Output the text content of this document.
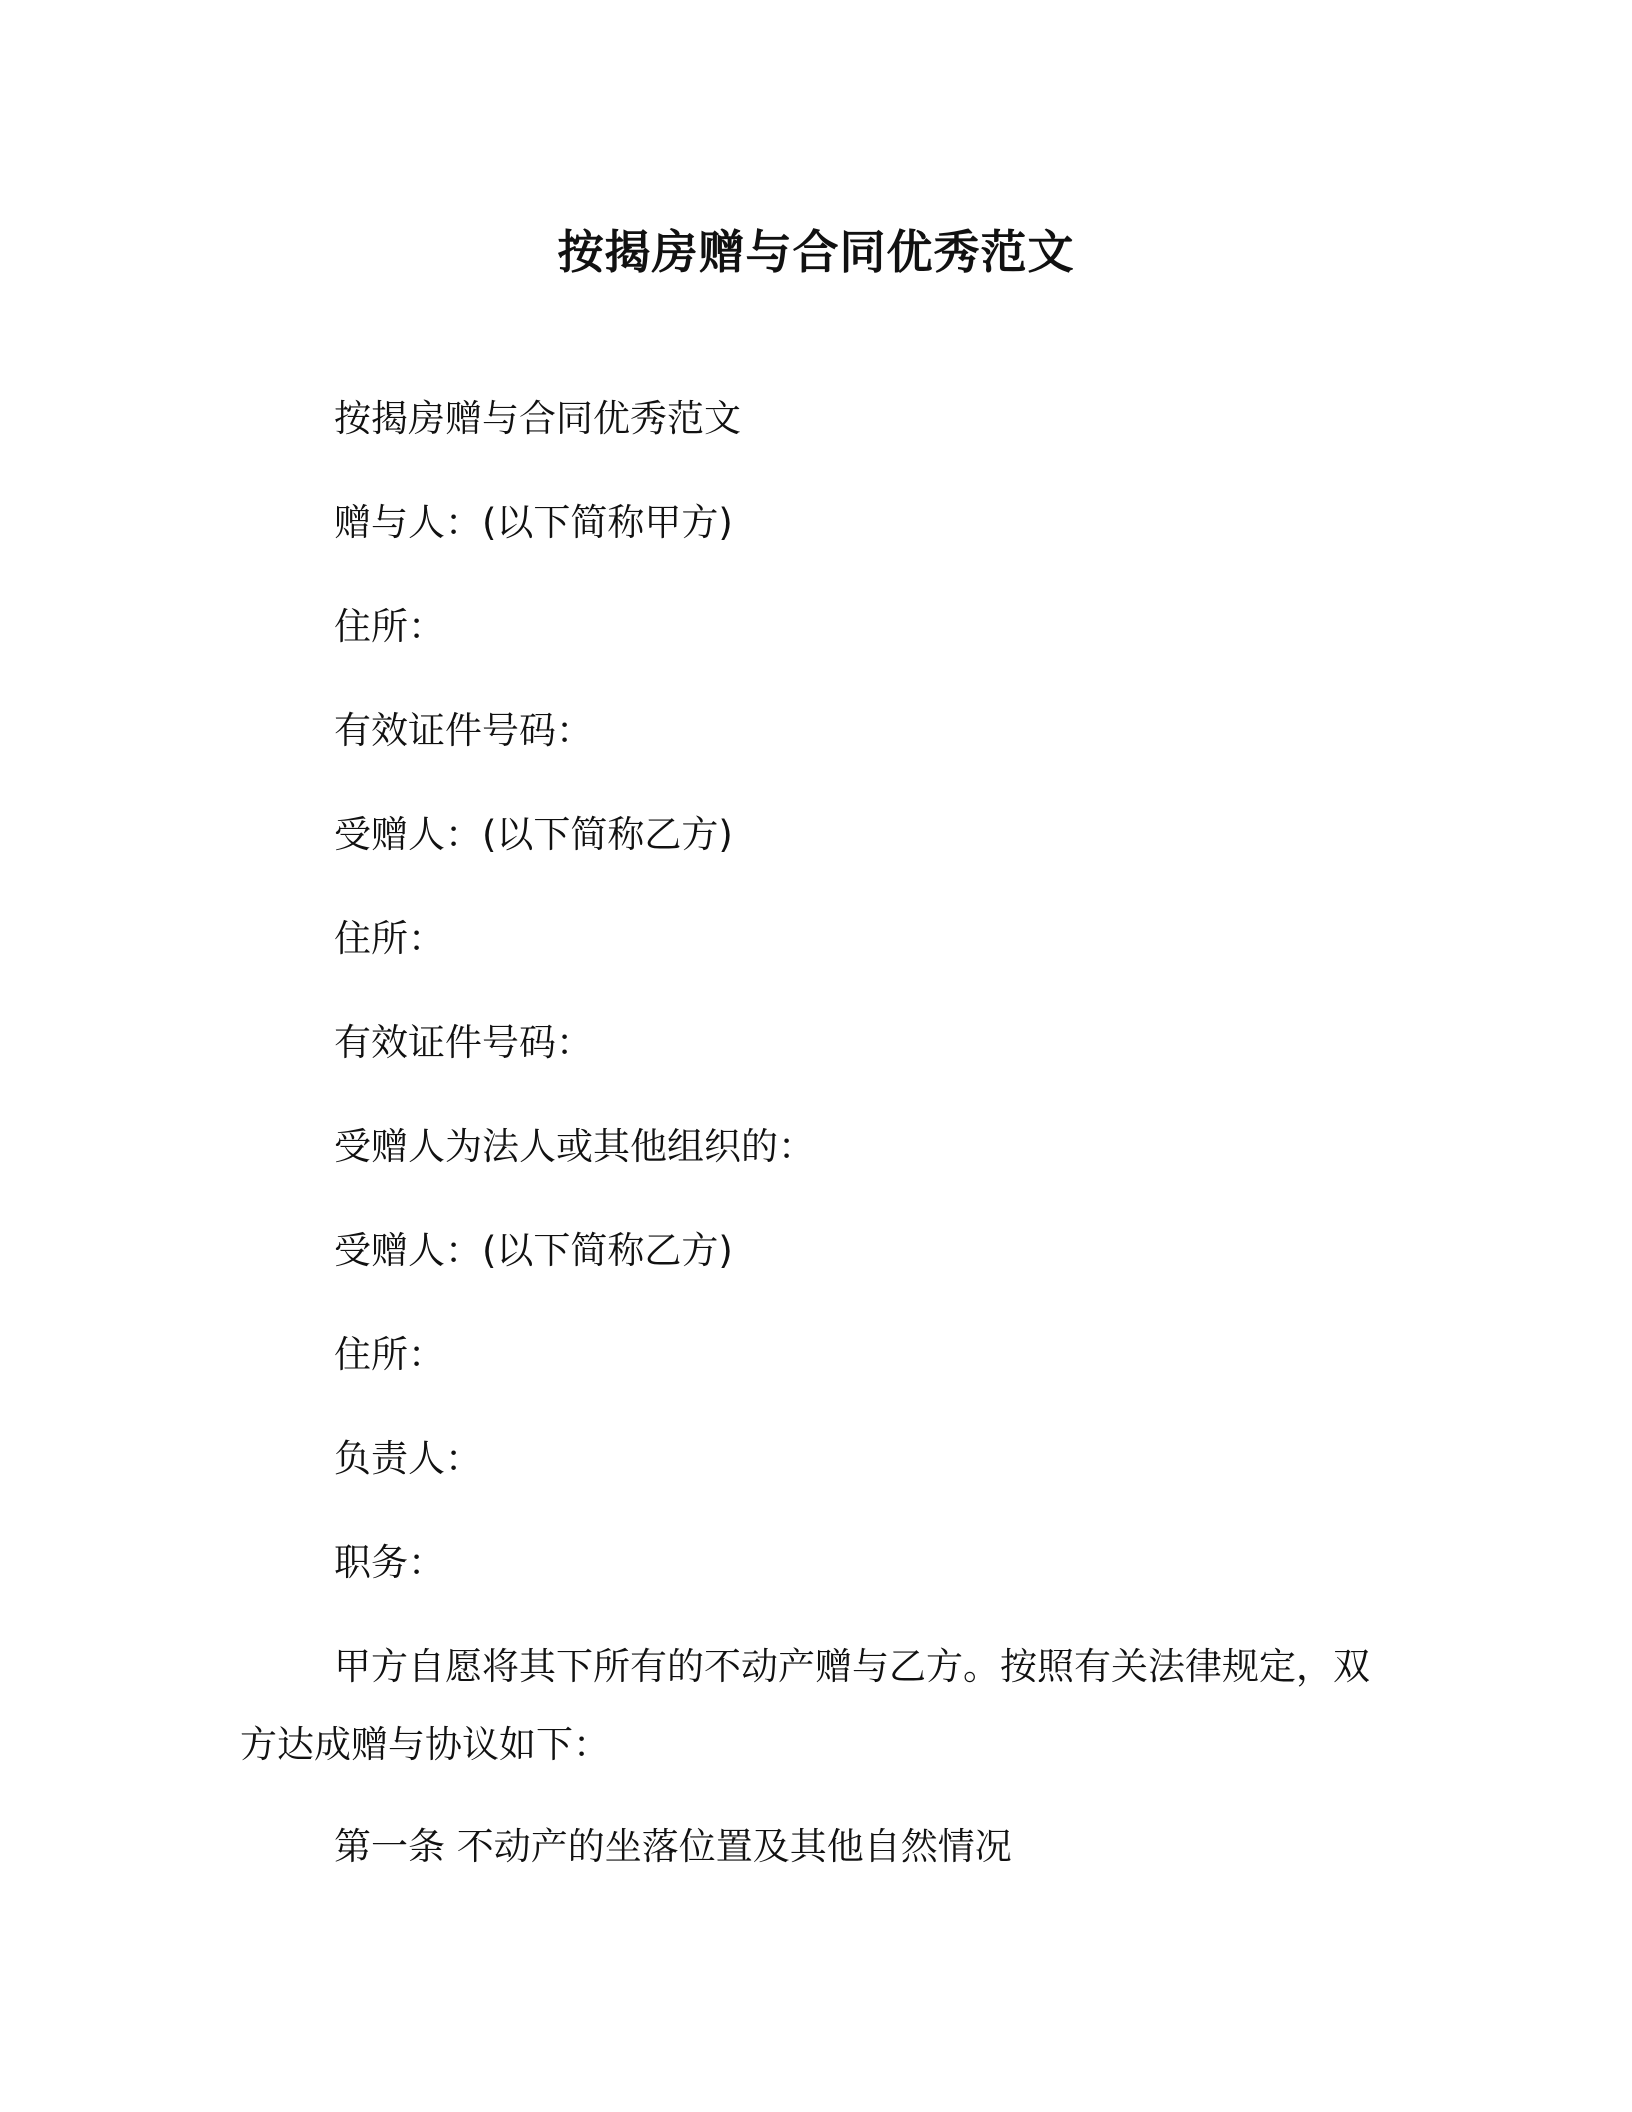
按揭房赠与合同优秀范文

按揭房赠与合同优秀范文

赠与人：(以下简称甲方)

住所：

有效证件号码：

受赠人：(以下简称乙方)

住所：

有效证件号码：

受赠人为法人或其他组织的：

受赠人：(以下简称乙方)

住所：

负责人：

职务：

甲方自愿将其下所有的不动产赠与乙方。按照有关法律规定，双方达成赠与协议如下：

第一条 不动产的坐落位置及其他自然情况
